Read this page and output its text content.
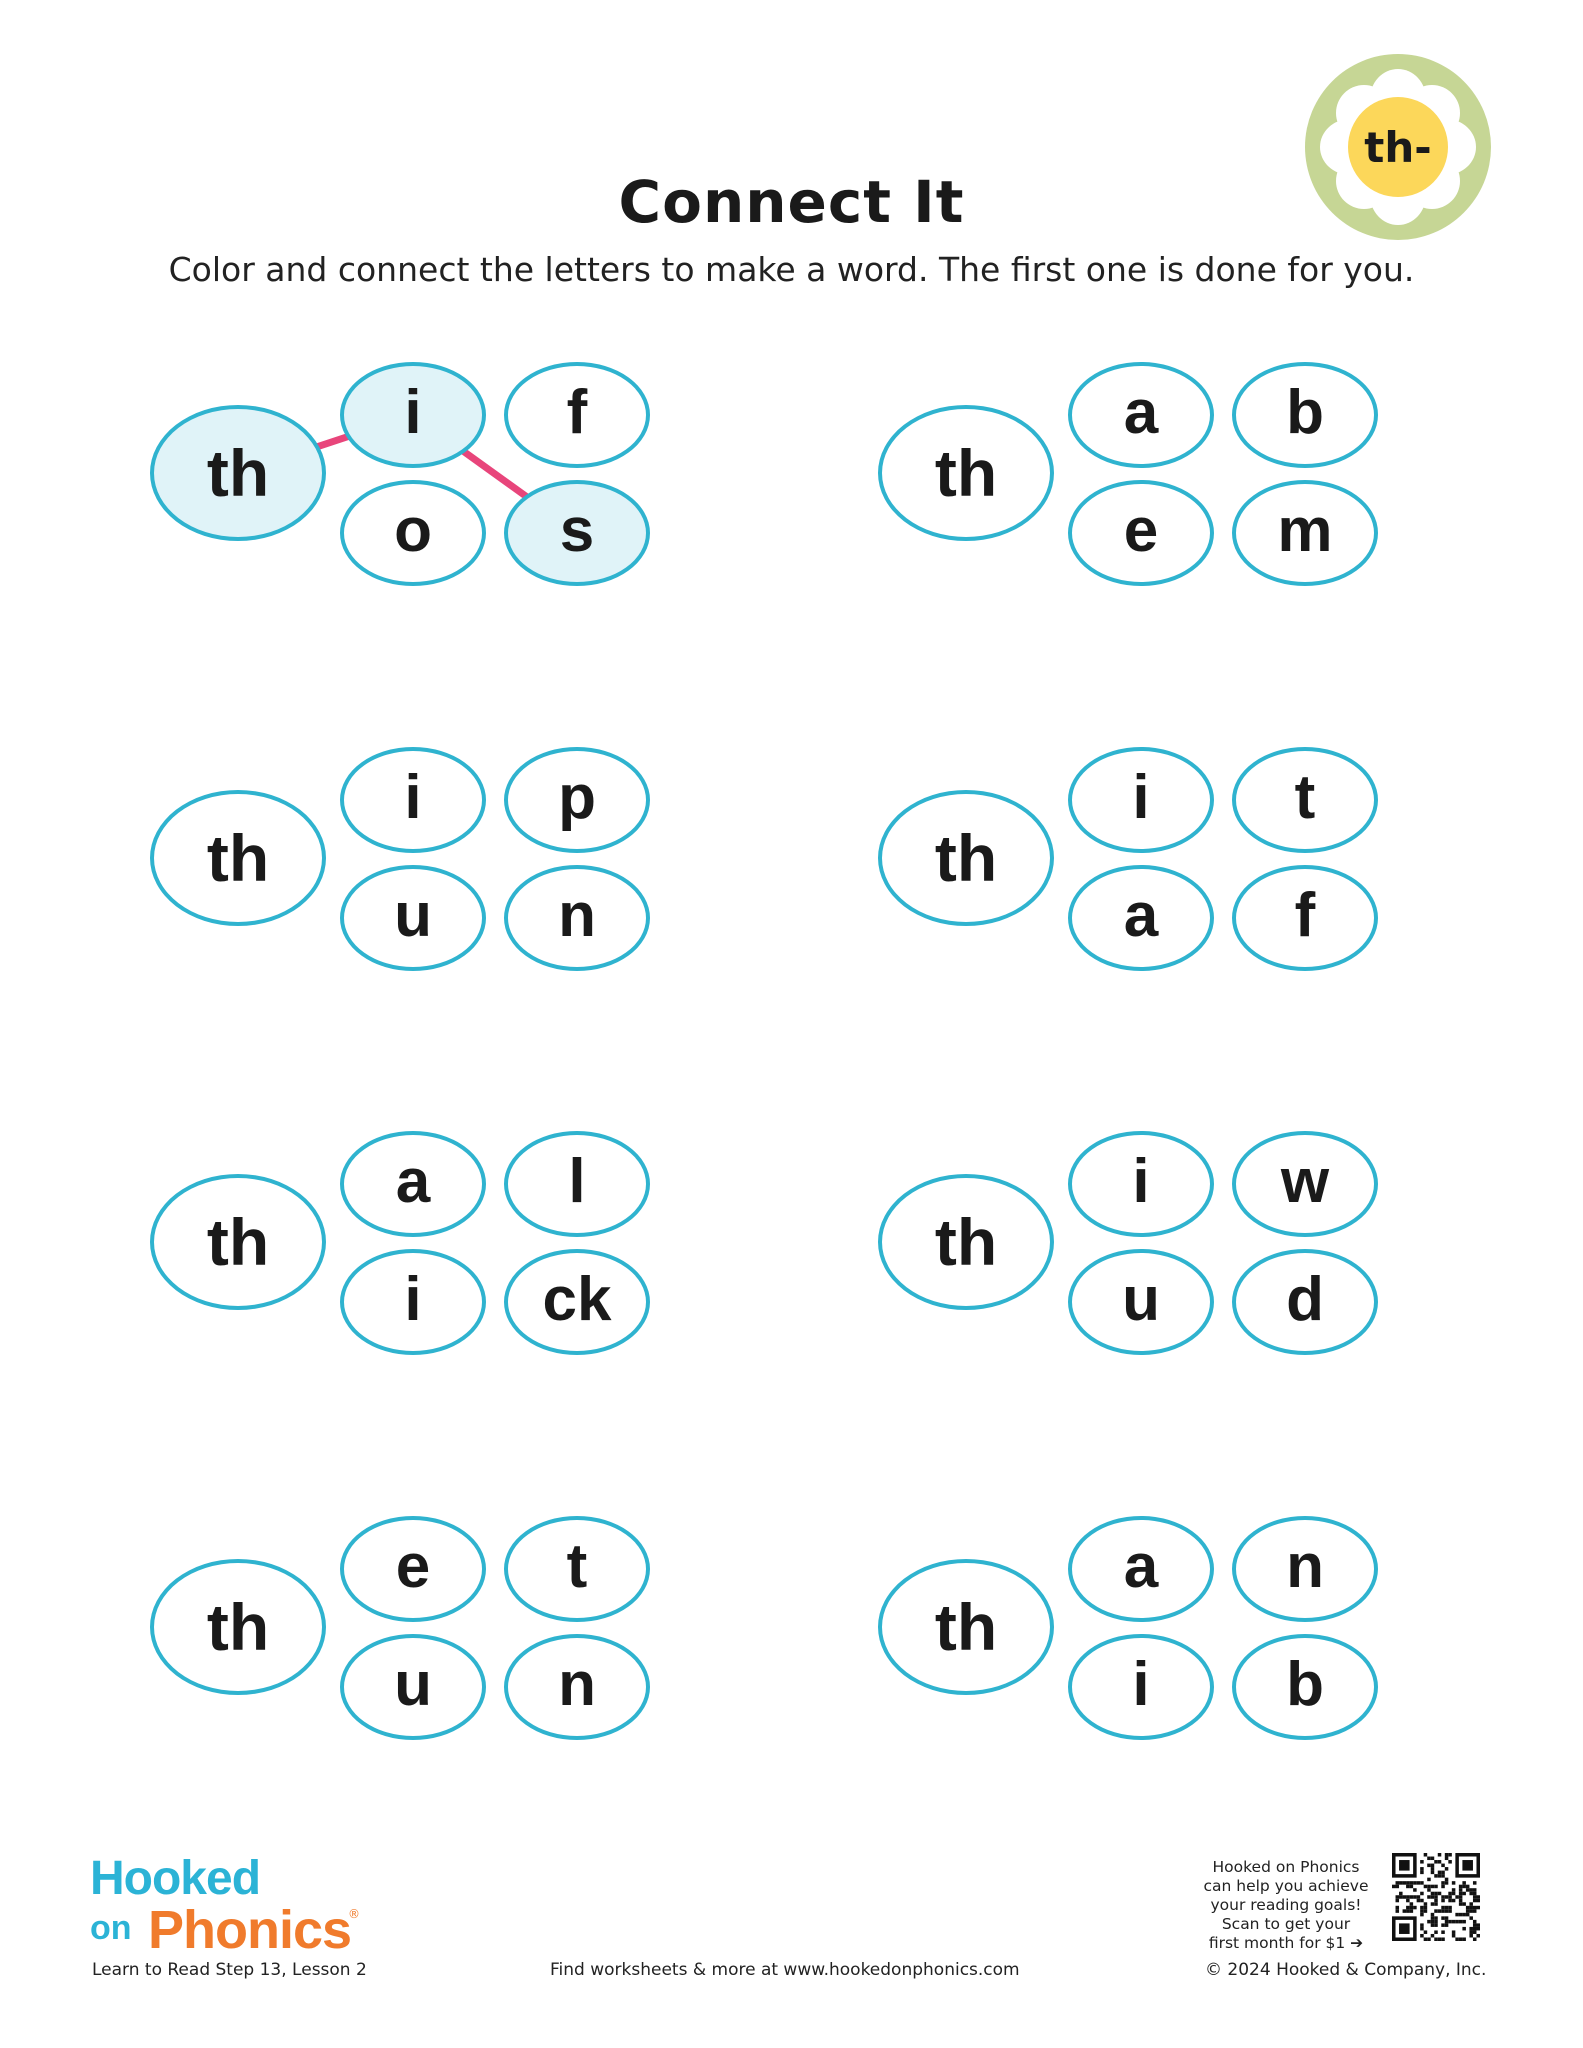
th-
Connect It
Color and connect the letters to make a word. The first one is done for you.
th
i	f
o	s
th
a	b
e	m
th
i	p
u	n
th
i	t
a	f
th
a	l
i	ck
th
i	w
u	d
th
e	t
u	n
th
a	n
i	b
Hooked
on Phonics
®
Learn to Read Step 13, Lesson 2	Find worksheets & more at www.hookedonphonics.com
Hooked on Phonics
can help you achieve
your reading goals!
Scan to get your
first month for $1 ➔
© 2024 Hooked & Company, Inc.
